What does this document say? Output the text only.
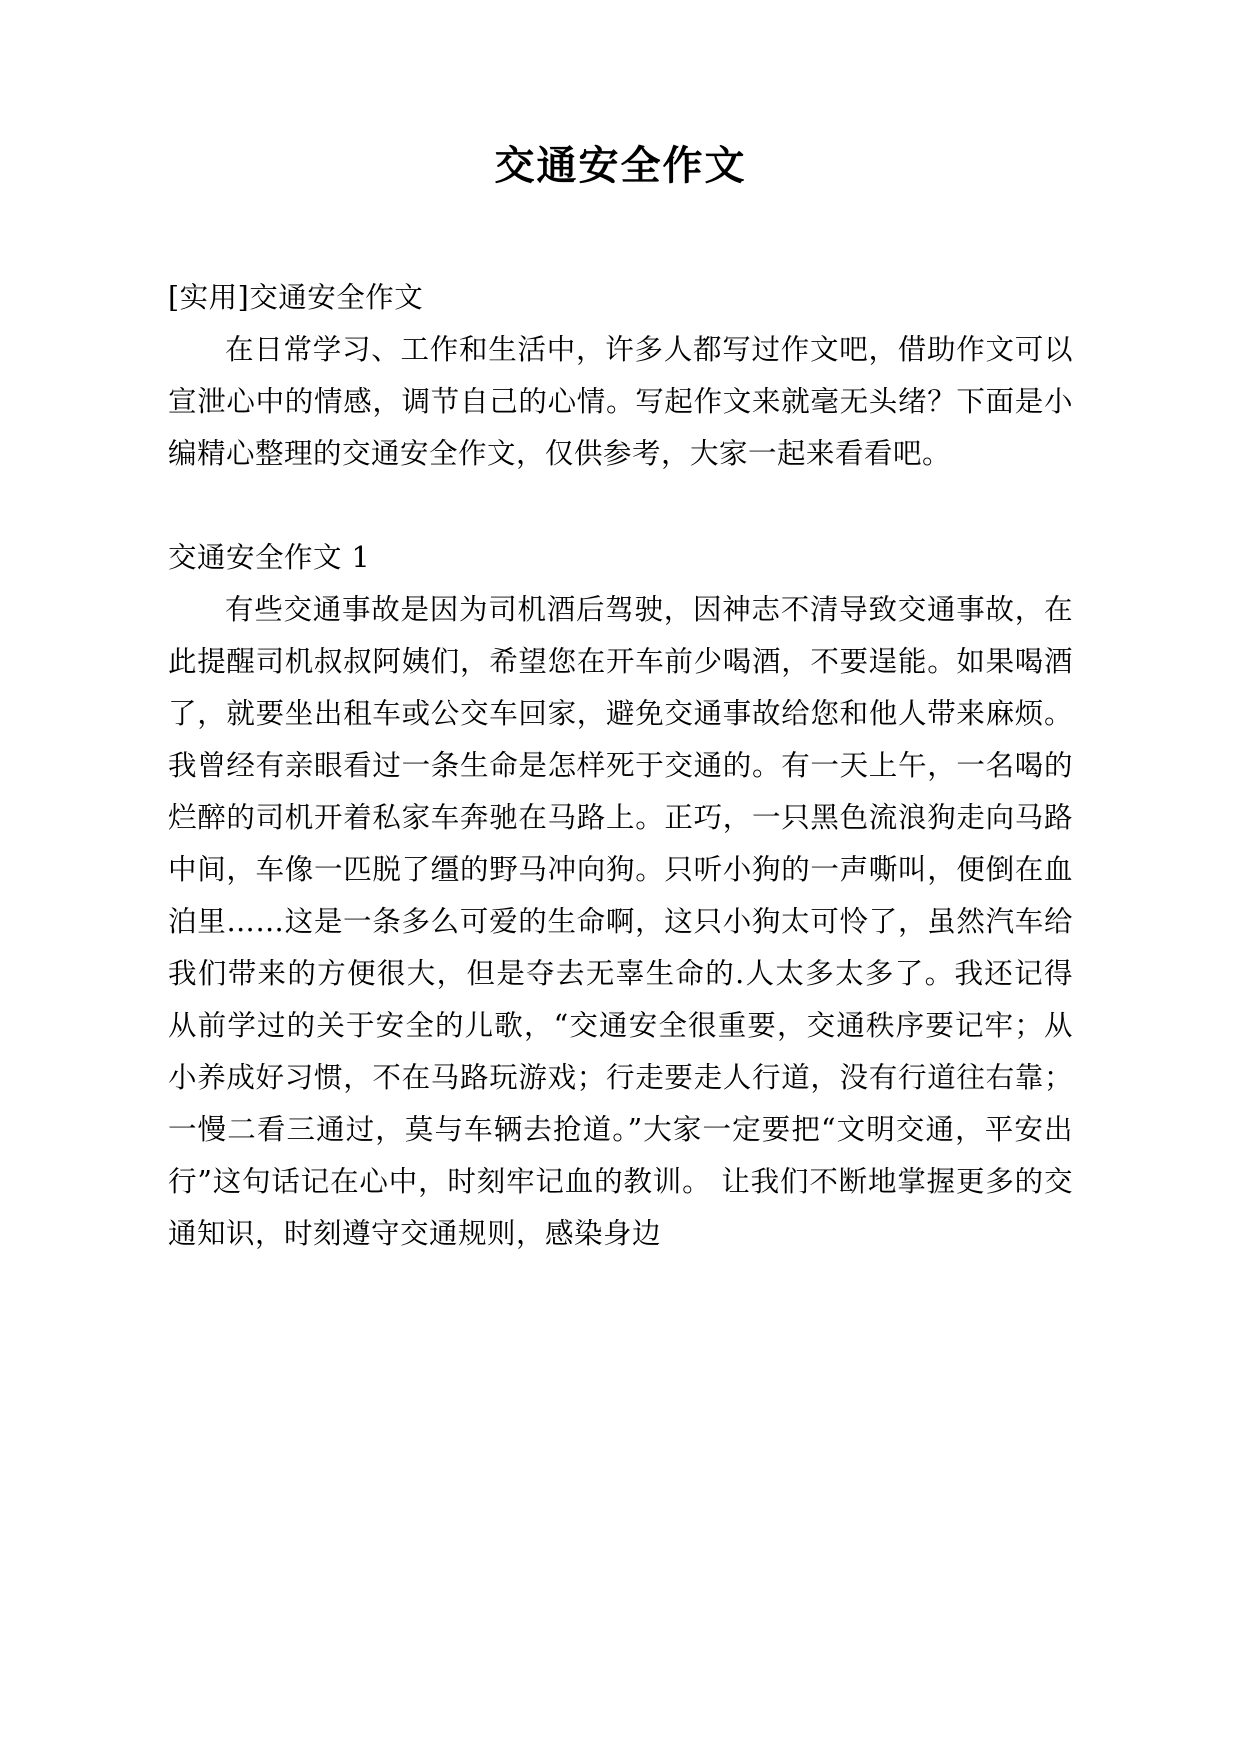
交通安全作文

[实用]交通安全作文

在日常学习、工作和生活中，许多人都写过作文吧，借助作文可以宣泄心中的情感，调节自己的心情。写起作文来就毫无头绪？下面是小编精心整理的交通安全作文，仅供参考，大家一起来看看吧。

交通安全作文 1

有些交通事故是因为司机酒后驾驶，因神志不清导致交通事故，在此提醒司机叔叔阿姨们，希望您在开车前少喝酒，不要逞能。如果喝酒了，就要坐出租车或公交车回家，避免交通事故给您和他人带来麻烦。 我曾经有亲眼看过一条生命是怎样死于交通的。有一天上午，一名喝的烂醉的司机开着私家车奔驰在马路上。正巧，一只黑色流浪狗走向马路中间，车像一匹脱了缰的野马冲向狗。只听小狗的一声嘶叫，便倒在血泊里……这是一条多么可爱的生命啊，这只小狗太可怜了，虽然汽车给我们带来的方便很大，但是夺去无辜生命的.人太多太多了。我还记得从前学过的关于安全的儿歌，“交通安全很重要，交通秩序要记牢；从小养成好习惯，不在马路玩游戏；行走要走人行道，没有行道往右靠；一慢二看三通过，莫与车辆去抢道。”大家一定要把“文明交通，平安出行”这句话记在心中，时刻牢记血的教训。 让我们不断地掌握更多的交通知识，时刻遵守交通规则，感染身边
